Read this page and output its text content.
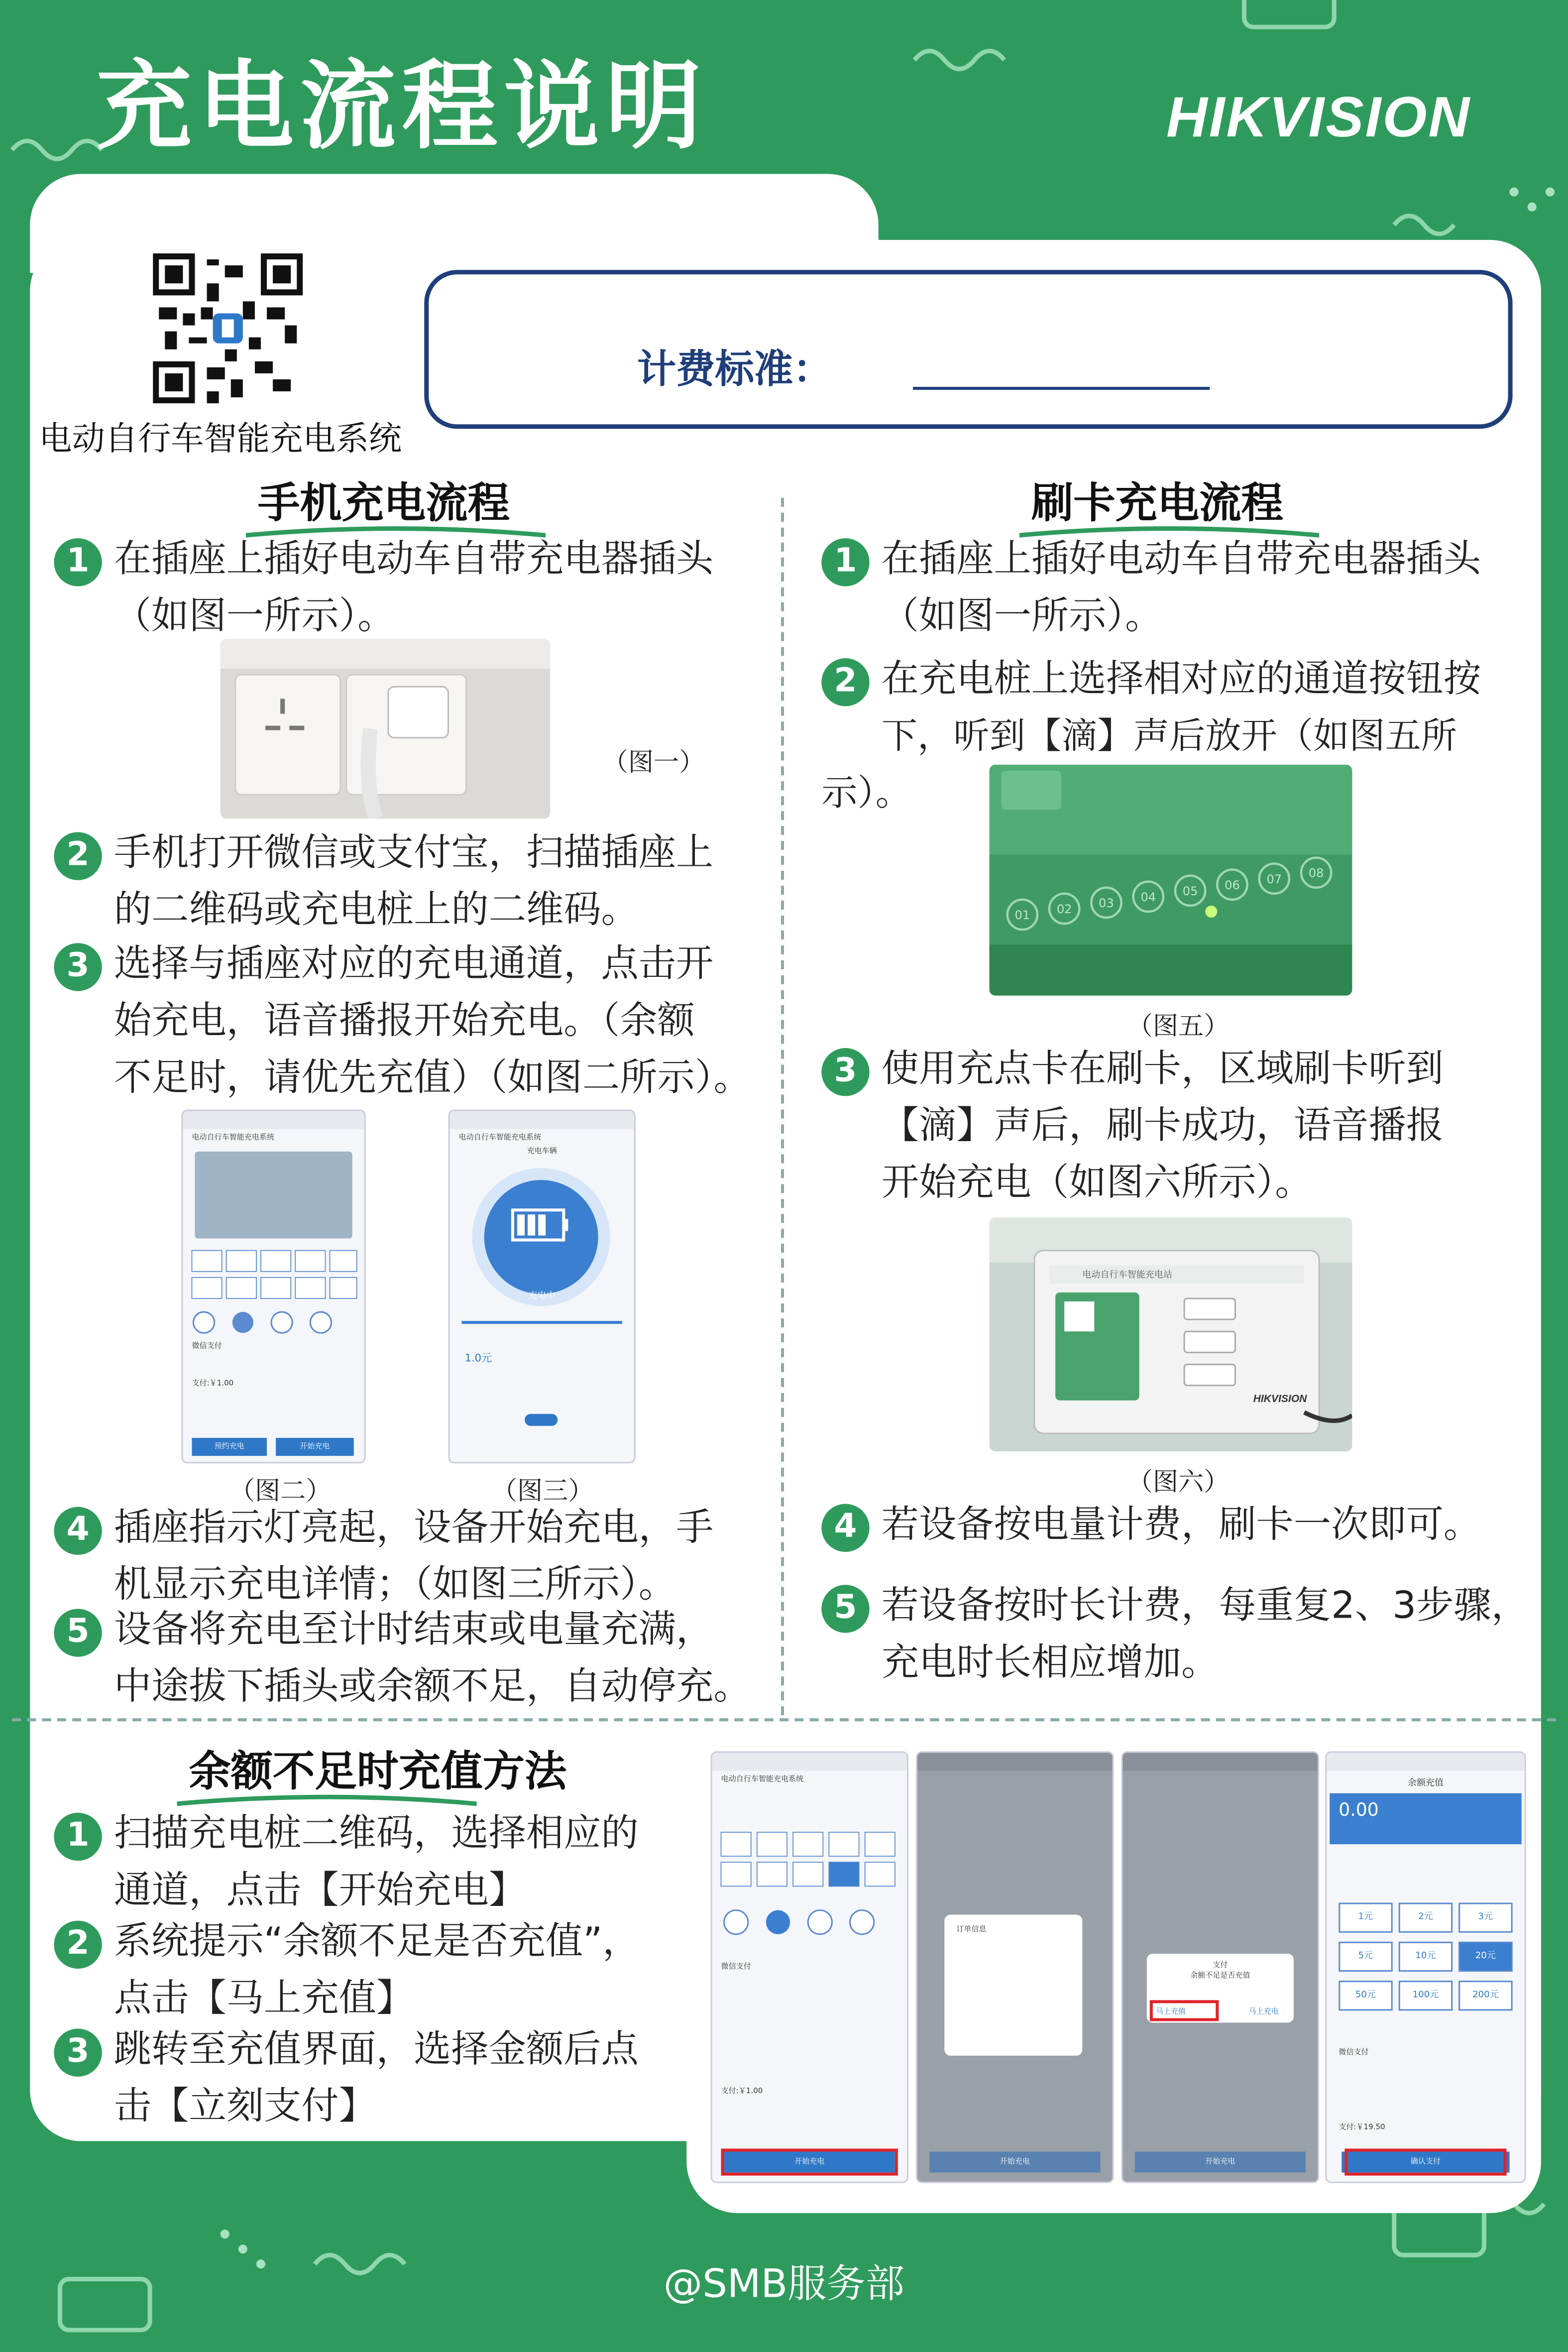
充电流程说明	HIKVISION
电动自行车智能充电系统
计费标准：
手机充电流程
1 在插座上插好电动车自带充电器插头
（如图一所示）。
（图一）
2 手机打开微信或支付宝，扫描插座上
的二维码或充电桩上的二维码。
3 选择与插座对应的充电通道，点击开
始充电，语音播报开始充电。（余额
不足时，请优先充值）（如图二所示）。
电动自行车智能充电系统
微信支付
支付:￥1.00
预约充电	开始充电
电动自行车智能充电系统
充电车辆
充电中
1.0元
（图二）	（图三）
4 插座指示灯亮起，设备开始充电，手
机显示充电详情；（如图三所示）。
5 设备将充电至计时结束或电量充满，
中途拔下插头或余额不足，自动停充。
刷卡充电流程
1 在插座上插好电动车自带充电器插头
（如图一所示）。
2 在充电桩上选择相对应的通道按钮按
下，听到【滴】声后放开（如图五所示）。
01	02	03	04	05	06	07	08
（图五）
3 使用充点卡在刷卡，区域刷卡听到
【滴】声后，刷卡成功，语音播报
开始充电（如图六所示）。
电动自行车智能充电站
HIKVISION
（图六）
4 若设备按电量计费，刷卡一次即可。
5 若设备按时长计费，每重复2、3步骤，
充电时长相应增加。
余额不足时充值方法
1 扫描充电桩二维码，选择相应的
通道，点击【开始充电】
2 系统提示“余额不足是否充值”，
点击【马上充值】
3 跳转至充值界面，选择金额后点
击【立刻支付】
电动自行车智能充电系统
微信支付
支付:￥1.00
开始充电
订单信息
开始充电
支付
余额不足是否充值
马上充值	马上充电
开始充电
余额充值
0.00
1元	2元	3元
5元	10元	20元
50元	100元	200元
微信支付
支付:￥19.50
确认支付
@SMB服务部
